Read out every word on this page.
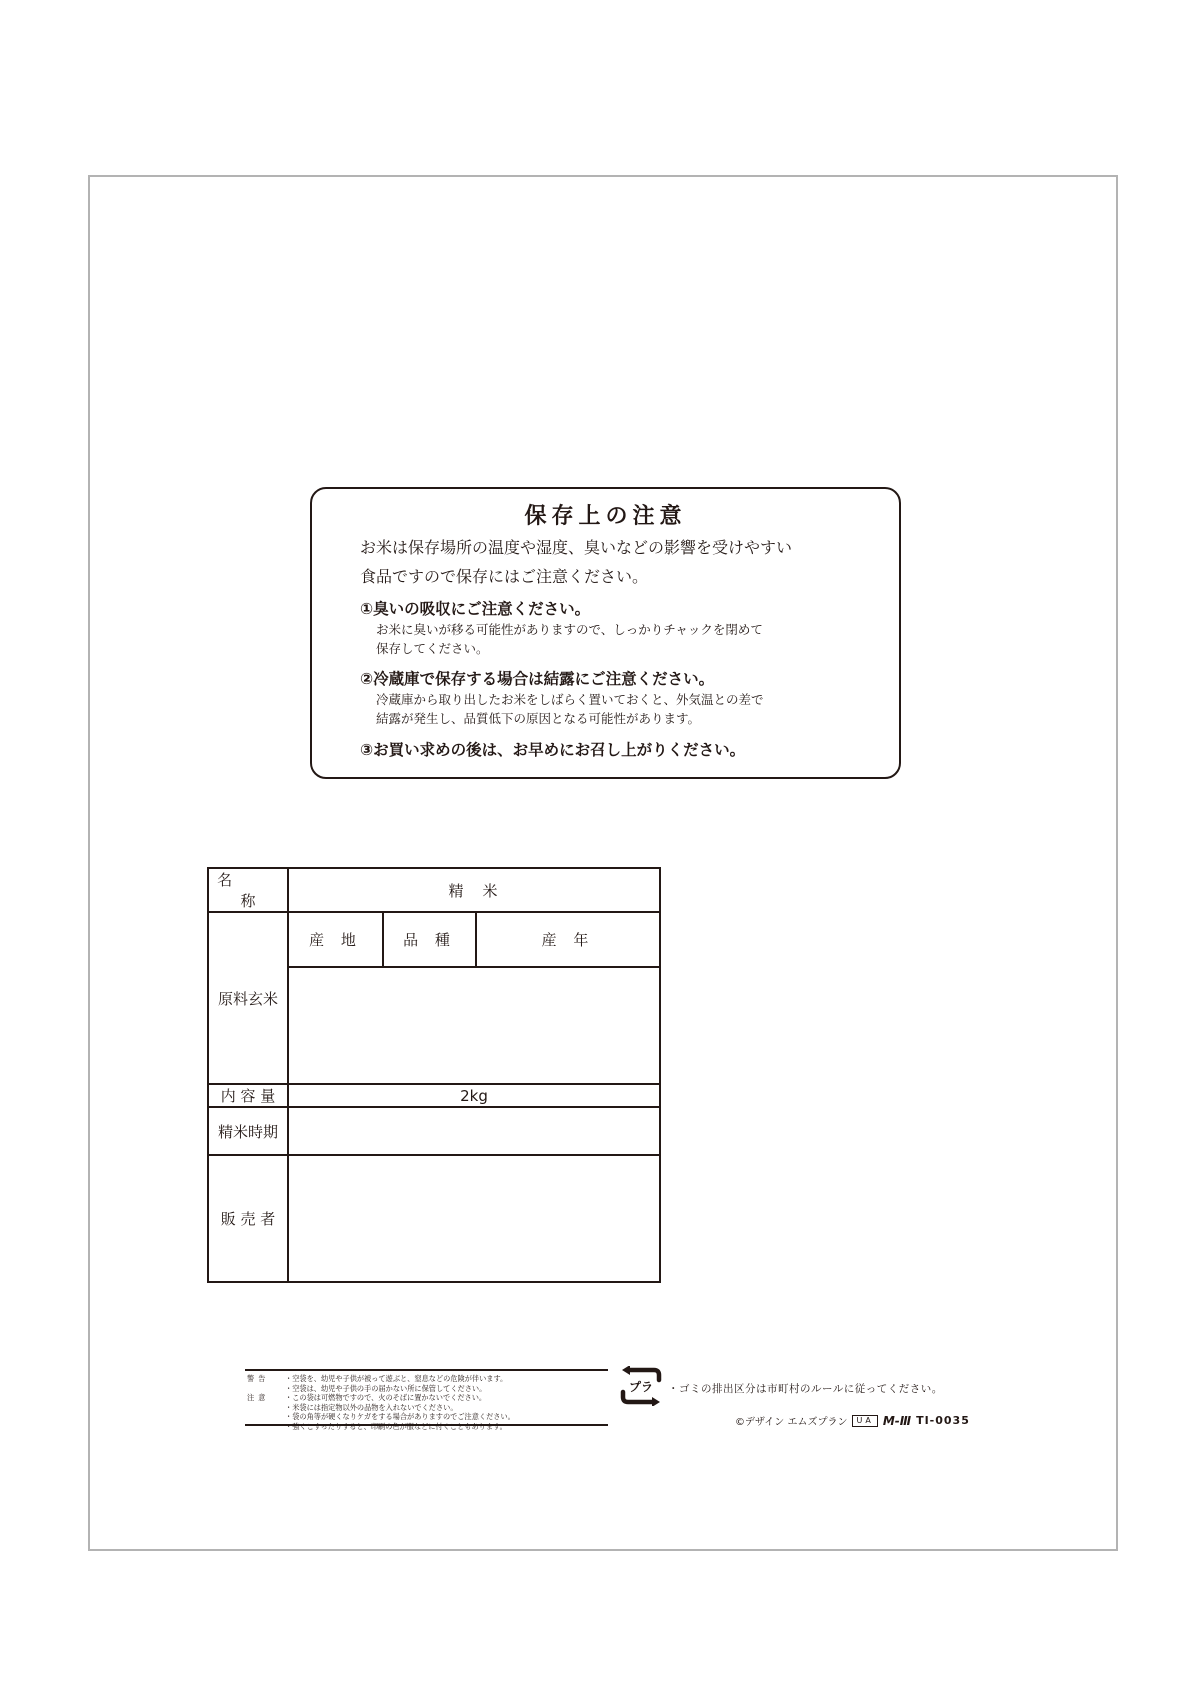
保存上の注意
お米は保存場所の温度や湿度、臭いなどの影響を受けやすい
食品ですので保存にはご注意ください。
①臭いの吸収にご注意ください。
お米に臭いが移る可能性がありますので、しっかりチャックを閉めて
保存してください。
②冷蔵庫で保存する場合は結露にご注意ください。
冷蔵庫から取り出したお米をしばらく置いておくと、外気温との差で
結露が発生し、品質低下の原因となる可能性があります。
③お買い求めの後は、お早めにお召し上がりください。
名  称	精　米
原料玄米	
産 地	品 種	産 年

内 容 量	2kg
精米時期	
販 売 者	
警告
注意
・空袋を、幼児や子供が被って遊ぶと、窒息などの危険が伴います。
・空袋は、幼児や子供の手の届かない所に保管してください。
・この袋は可燃物ですので、火のそばに置かないでください。
・米袋には指定物以外の品物を入れないでください。
・袋の角等が硬くなりケガをする場合がありますのでご注意ください。
・強くこすったりすると、印刷の色が服などに付くこともあります。
プラ ・ゴミの排出区分は市町村のルールに従ってください。
©デザイン エムズプラン	UA M-Ⅲ TI-0035
